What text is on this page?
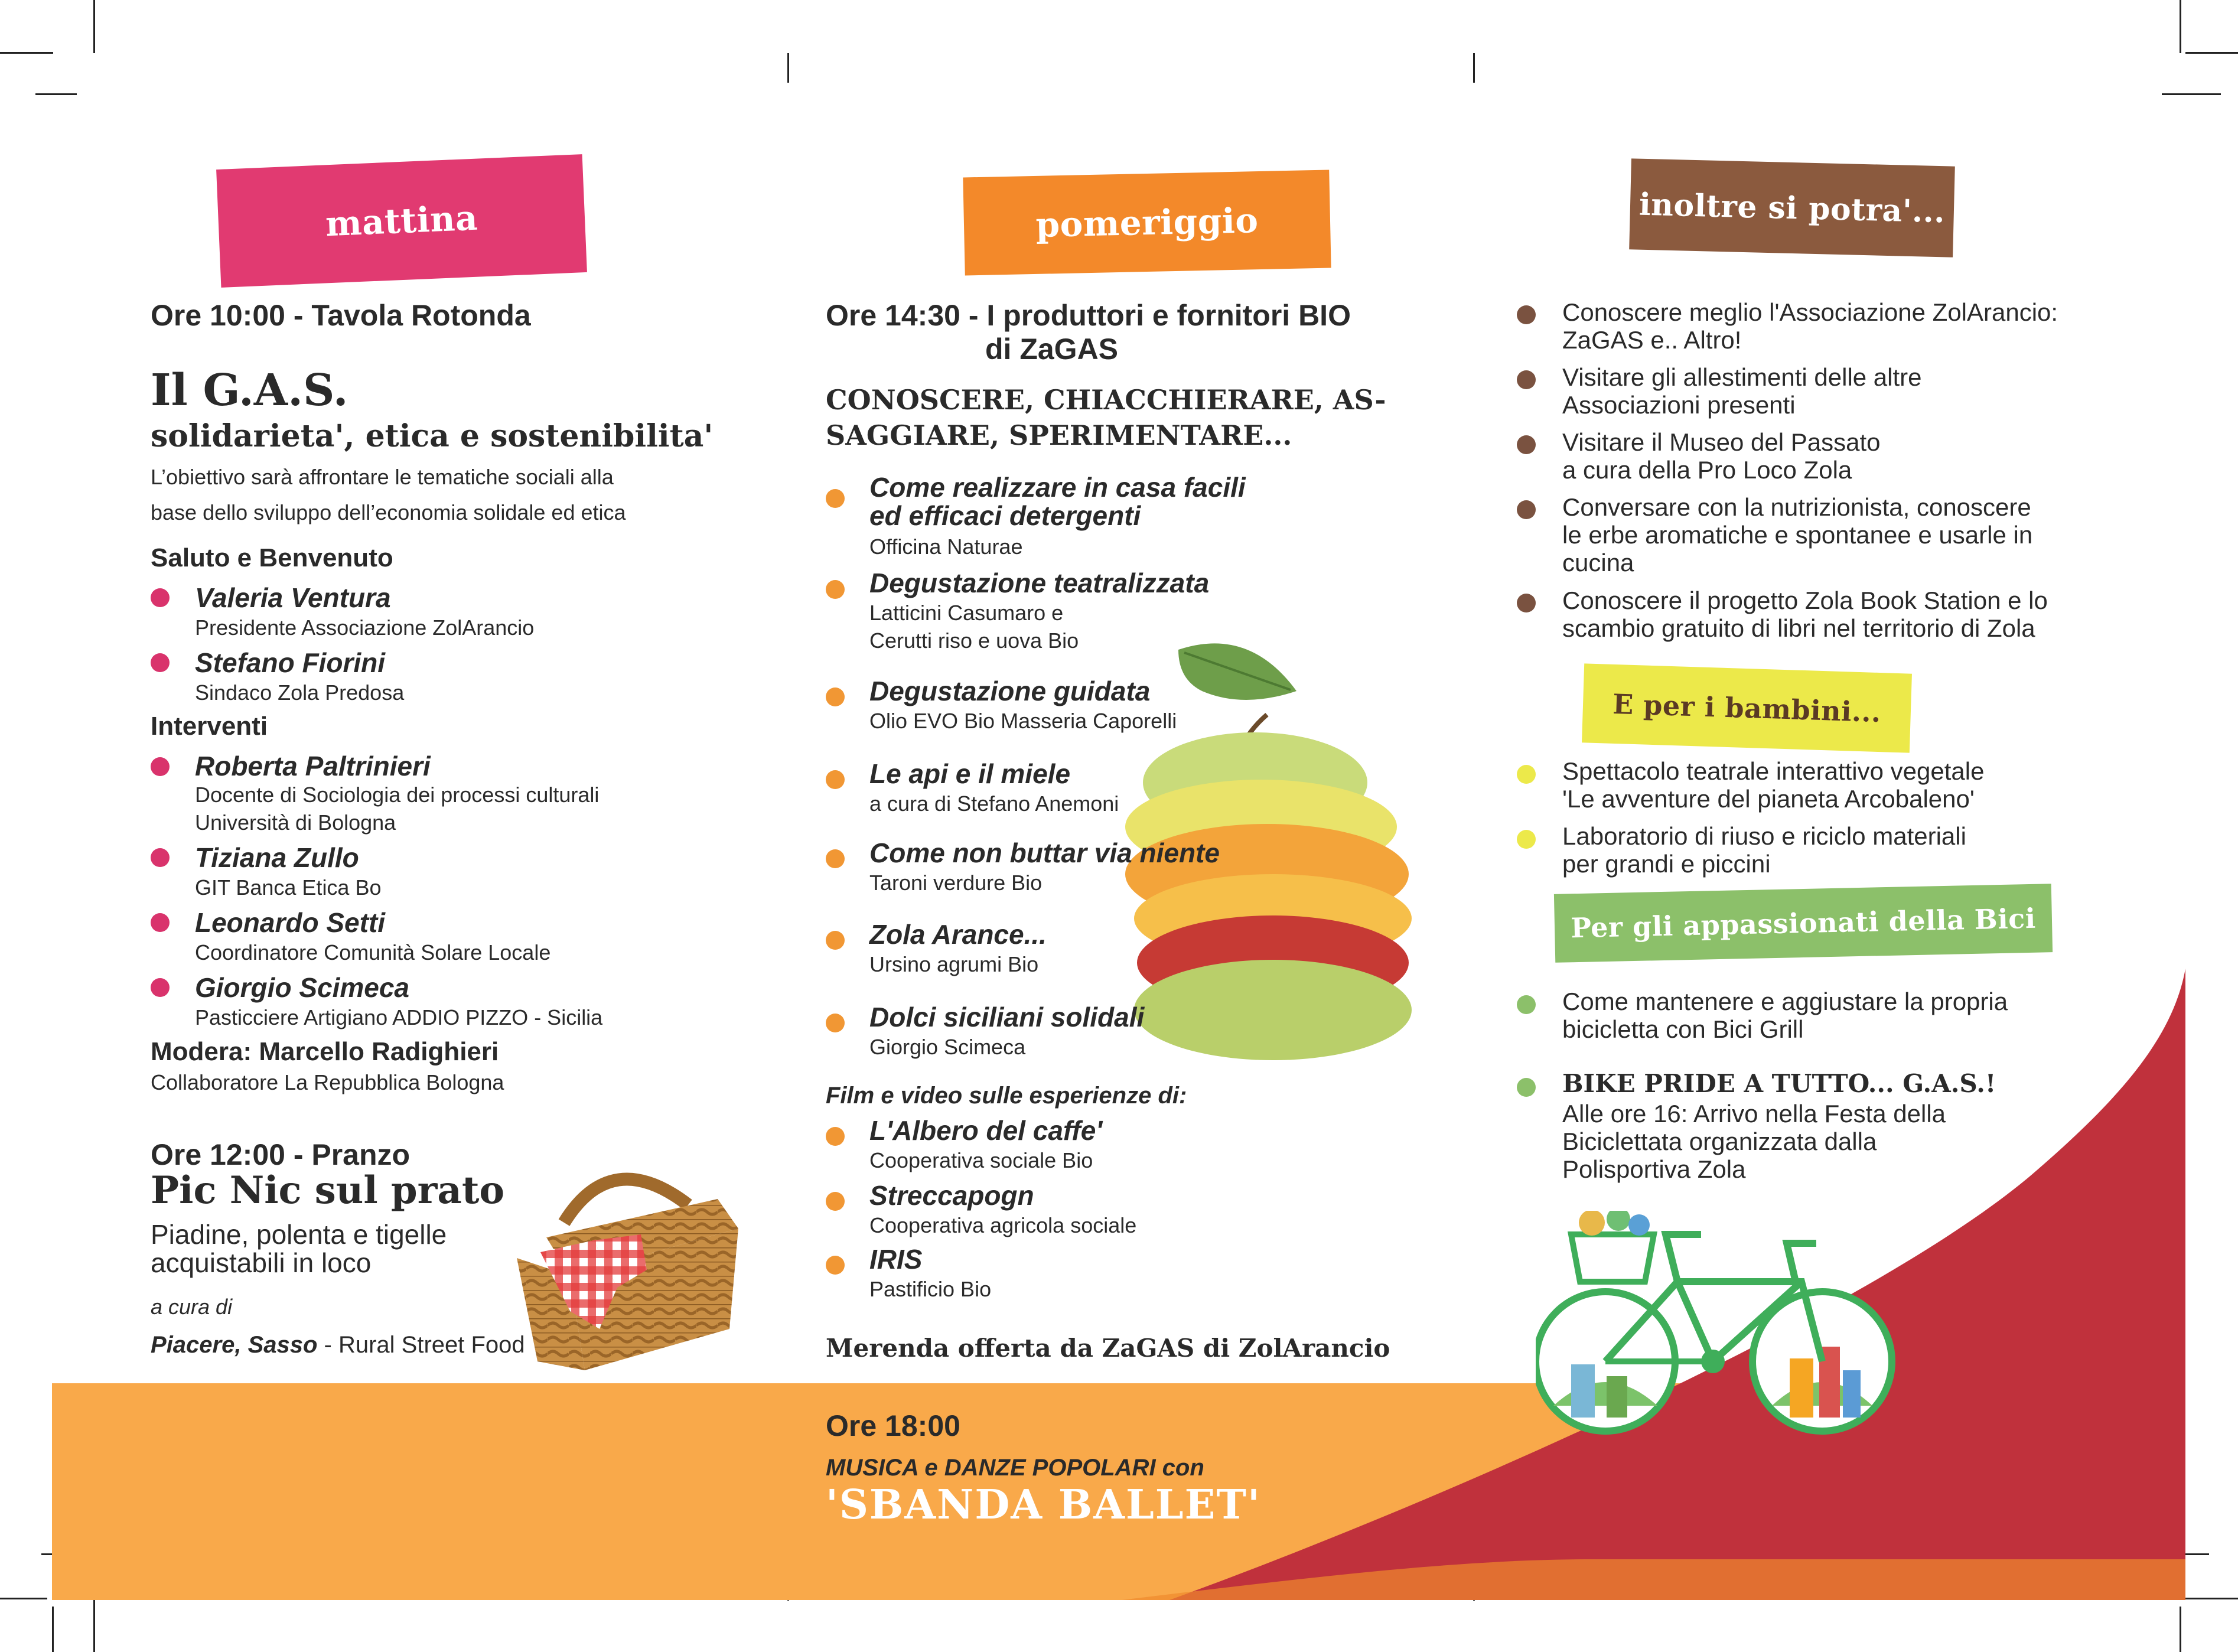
mattina
Ore 10:00 - Tavola Rotonda
Il G.A.S.
solidarieta', etica e sostenibilita'
L’obiettivo sarà affrontare le tematiche sociali alla
base dello sviluppo dell’economia solidale ed etica
Saluto e Benvenuto
Valeria Ventura
Presidente Associazione ZolArancio
Stefano Fiorini
Sindaco Zola Predosa
Interventi
Roberta Paltrinieri
Docente di Sociologia dei processi culturali
Università di Bologna
Tiziana Zullo
GIT Banca Etica Bo
Leonardo Setti
Coordinatore Comunità Solare Locale
Giorgio Scimeca
Pasticciere Artigiano ADDIO PIZZO - Sicilia
Modera: Marcello Radighieri
Collaboratore La Repubblica Bologna
Ore 12:00 - Pranzo
Pic Nic sul prato
Piadine, polenta e tigelle
acquistabili in loco
a cura di
Piacere, Sasso - Rural Street Food
pomeriggio
Ore 14:30 - I produttori e fornitori BIO
di ZaGAS
CONOSCERE, CHIACCHIERARE, AS-
SAGGIARE, SPERIMENTARE...
Come realizzare in casa facili
ed efficaci detergenti
Officina Naturae
Degustazione teatralizzata
Latticini Casumaro e
Cerutti riso e uova Bio
Degustazione guidata
Olio EVO Bio Masseria Caporelli
Le api e il miele
a cura di Stefano Anemoni
Come non buttar via niente
Taroni verdure Bio
Zola Arance...
Ursino agrumi Bio
Dolci siciliani solidali
Giorgio Scimeca
Film e video sulle esperienze di:
L'Albero del caffe'
Cooperativa sociale Bio
Streccapogn
Cooperativa agricola sociale
IRIS
Pastificio Bio
Merenda offerta da ZaGAS di ZolArancio
Ore 18:00
MUSICA e DANZE POPOLARI con
'SBANDA BALLET'
inoltre si potra'...
Conoscere meglio l'Associazione ZolArancio:
ZaGAS e.. Altro!
Visitare gli allestimenti delle altre
Associazioni presenti
Visitare il Museo del Passato
a cura della Pro Loco Zola
Conversare con la nutrizionista, conoscere
le erbe aromatiche e spontanee e usarle in
cucina
Conoscere il progetto Zola Book Station e lo
scambio gratuito di libri nel territorio di Zola
E per i bambini...
Spettacolo teatrale interattivo vegetale
'Le avventure del pianeta Arcobaleno'
Laboratorio di riuso e riciclo materiali
per grandi e piccini
Per gli appassionati della Bici
Come mantenere e aggiustare la propria
bicicletta con Bici Grill
BIKE PRIDE A TUTTO... G.A.S.!
Alle ore 16: Arrivo nella Festa della
Biciclettata organizzata dalla
Polisportiva Zola
